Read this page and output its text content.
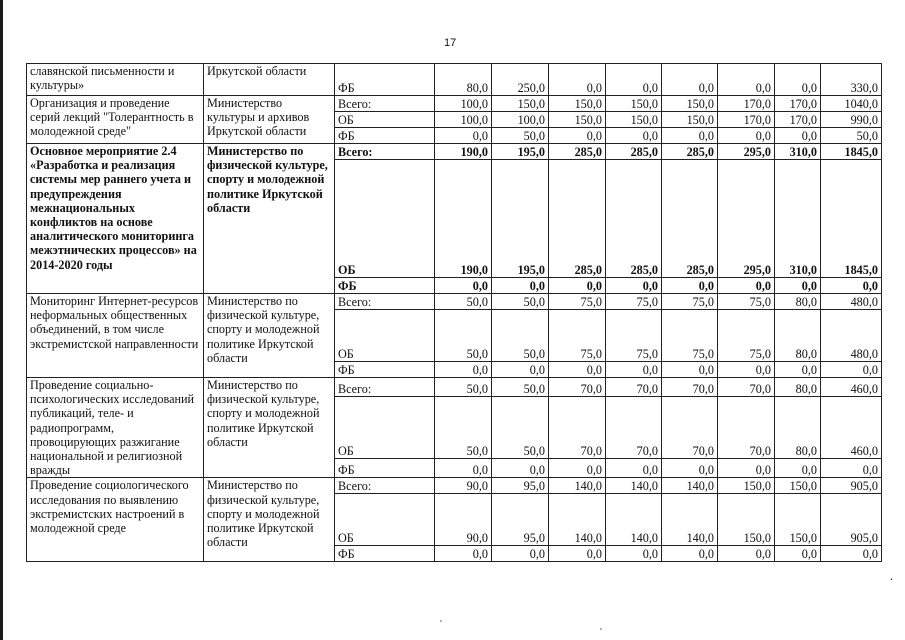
17
славянской письменности и культуры»	Иркутской области	ФБ	80,0	250,0	0,0	0,0	0,0	0,0	0,0	330,0
Организация и проведение серий лекций "Толерантность в молодежной среде"	Министерство культуры и архивов Иркутской области	Всего:	100,0	150,0	150,0	150,0	150,0	170,0	170,0	1040,0
		ОБ	100,0	100,0	150,0	150,0	150,0	170,0	170,0	990,0
		ФБ	0,0	50,0	0,0	0,0	0,0	0,0	0,0	50,0
Основное мероприятие 2.4 «Разработка и реализация системы мер раннего учета и предупреждения межнациональных конфликтов на основе аналитического мониторинга межэтнических процессов» на 2014-2020 годы	Министерство по физической культуре, спорту и молодежной политике Иркутской области	Всего:	190,0	195,0	285,0	285,0	285,0	295,0	310,0	1845,0
		ОБ	190,0	195,0	285,0	285,0	285,0	295,0	310,0	1845,0
		ФБ	0,0	0,0	0,0	0,0	0,0	0,0	0,0	0,0
Мониторинг Интернет-ресурсов неформальных общественных объединений, в том числе экстремистской направленности	Министерство по физической культуре, спорту и молодежной политике Иркутской области	Всего:	50,0	50,0	75,0	75,0	75,0	75,0	80,0	480,0
		ОБ	50,0	50,0	75,0	75,0	75,0	75,0	80,0	480,0
		ФБ	0,0	0,0	0,0	0,0	0,0	0,0	0,0	0,0
Проведение социально-психологических исследований публикаций, теле- и радиопрограмм, провоцирующих разжигание национальной и религиозной вражды	Министерство по физической культуре, спорту и молодежной политике Иркутской области	Всего:	50,0	50,0	70,0	70,0	70,0	70,0	80,0	460,0
		ОБ	50,0	50,0	70,0	70,0	70,0	70,0	80,0	460,0
		ФБ	0,0	0,0	0,0	0,0	0,0	0,0	0,0	0,0
Проведение социологического исследования по выявлению экстремистских настроений в молодежной среде	Министерство по физической культуре, спорту и молодежной политике Иркутской области	Всего:	90,0	95,0	140,0	140,0	140,0	150,0	150,0	905,0
		ОБ	90,0	95,0	140,0	140,0	140,0	150,0	150,0	905,0
		ФБ	0,0	0,0	0,0	0,0	0,0	0,0	0,0	0,0
.
